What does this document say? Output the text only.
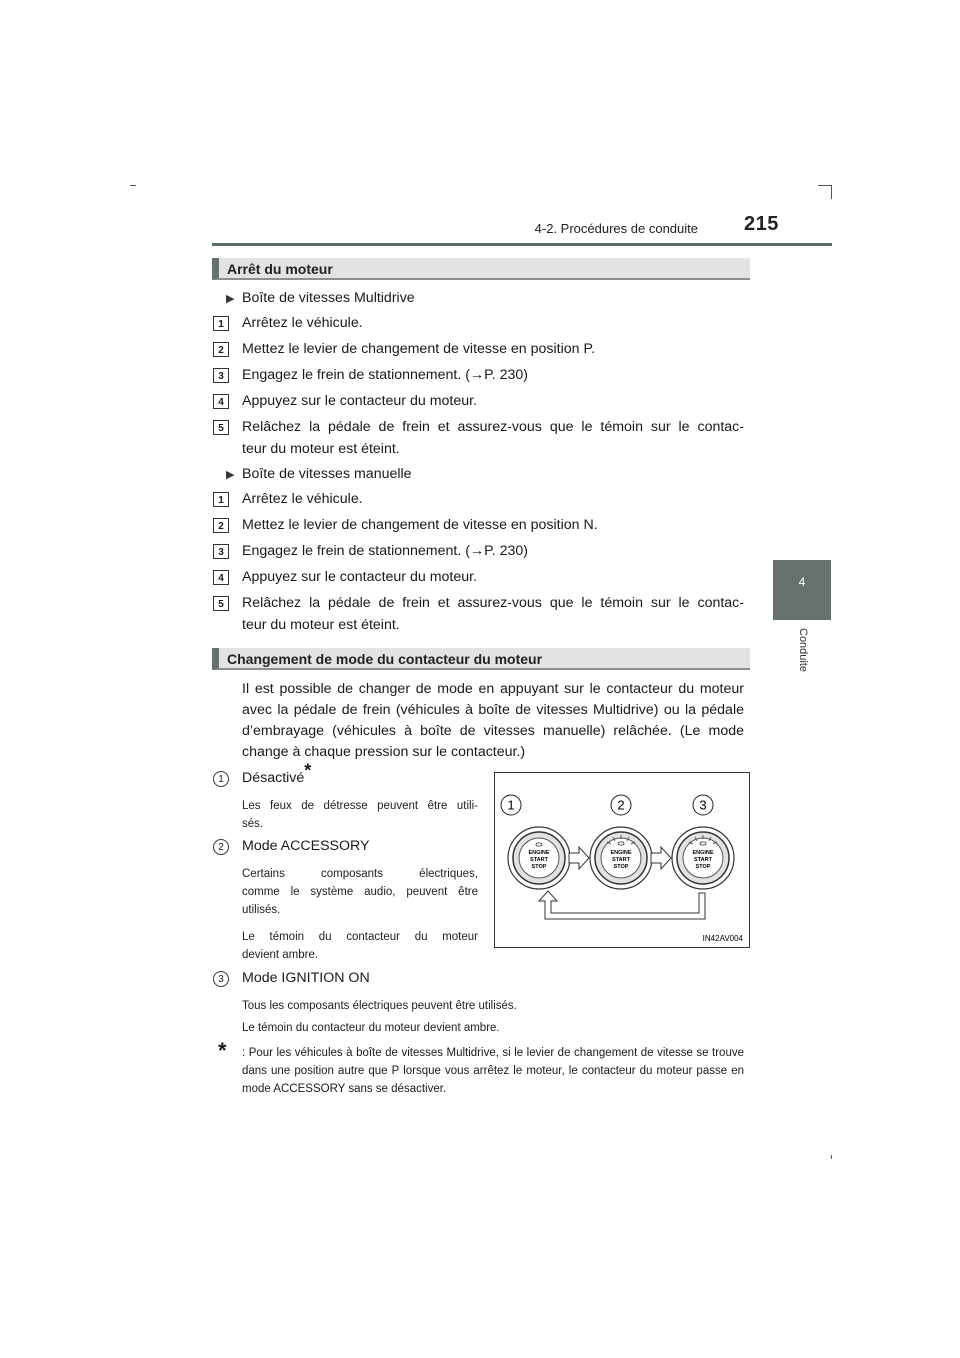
4-2. Procédures de conduite 215
4
Conduite
Arrêt du moteur
▶ Boîte de vitesses Multidrive
1	Arrêtez le véhicule.
2	Mettez le levier de changement de vitesse en position P.
3	Engagez le frein de stationnement. (→P. 230)
4	Appuyez sur le contacteur du moteur.
5	Relâchez la pédale de frein et assurez-vous que le témoin sur le contac-
teur du moteur est éteint.
▶ Boîte de vitesses manuelle
1	Arrêtez le véhicule.
2	Mettez le levier de changement de vitesse en position N.
3	Engagez le frein de stationnement. (→P. 230)
4	Appuyez sur le contacteur du moteur.
5	Relâchez la pédale de frein et assurez-vous que le témoin sur le contac-
teur du moteur est éteint.
Changement de mode du contacteur du moteur
Il est possible de changer de mode en appuyant sur le contacteur du moteur avec la pédale de frein (véhicules à boîte de vitesses Multidrive) ou la pédale d’embrayage (véhicules à boîte de vitesses manuelle) relâchée. (Le mode change à chaque pression sur le contacteur.)
1	Désactivé*
Les feux de détresse peuvent être utili-
sés.
2	Mode ACCESSORY
Certains composants électriques,
comme le système audio, peuvent être
utilisés.
Le témoin du contacteur du moteur
devient ambre.
3	Mode IGNITION ON
Tous les composants électriques peuvent être utilisés.
Le témoin du contacteur du moteur devient ambre.
* : Pour les véhicules à boîte de vitesses Multidrive, si le levier de changement de vitesse se trouve dans une position autre que P lorsque vous arrêtez le moteur, le contacteur du moteur passe en mode ACCESSORY sans se désactiver.
1	2	3
ENGINE
START
STOP
ENGINE
START
STOP
ENGINE
START
STOP
IN42AV004
